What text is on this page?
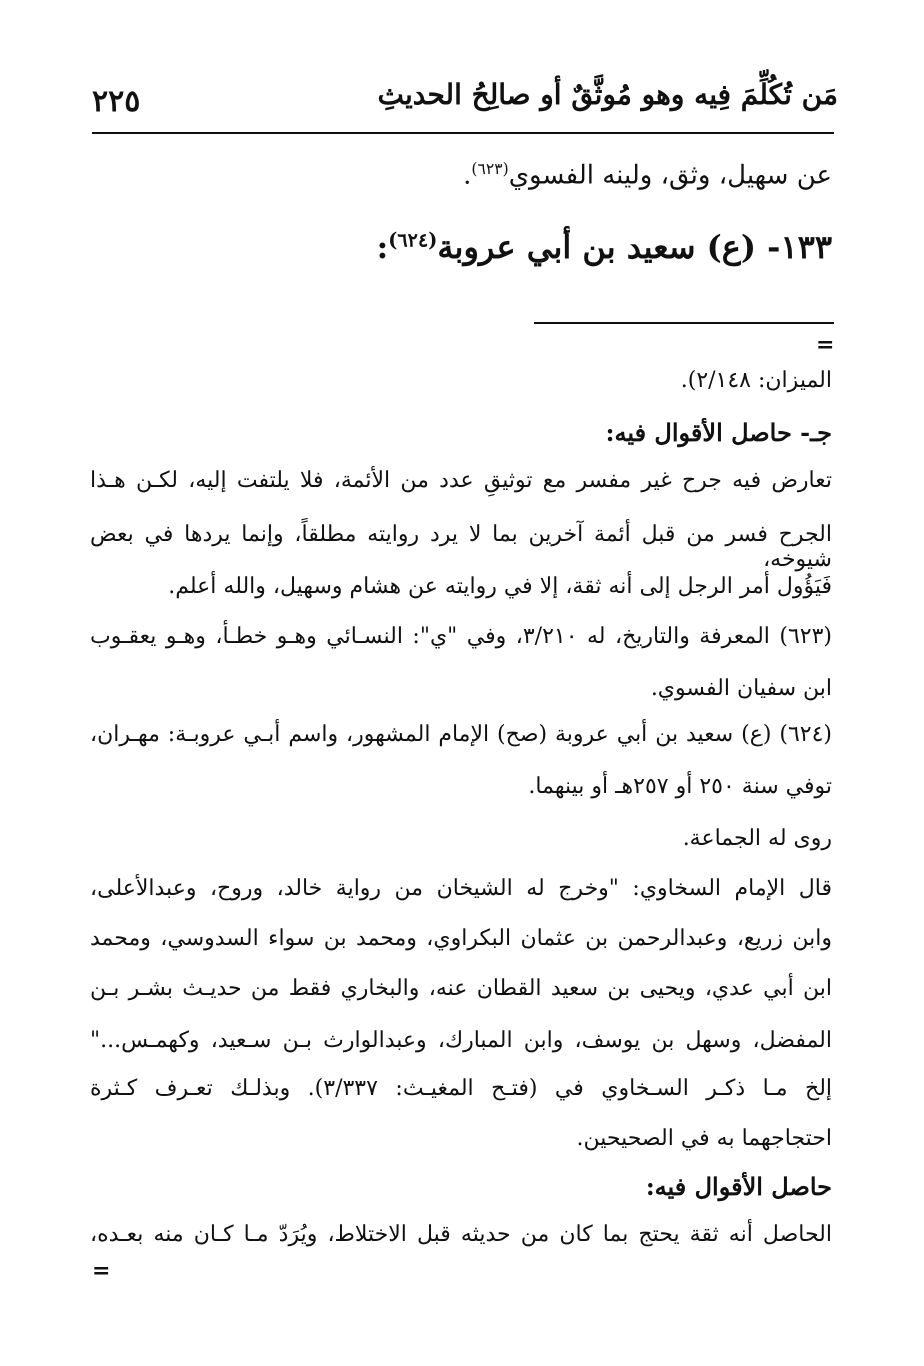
مَن تُكُلِّمَ فِيه وهو مُوثَّقٌ أو صالِحُ الحديثِ
٢٢٥
عن سهيل، وثق، ولينه الفسوي$^{(٦٢٣)}$.
١٣٣- (ع) سعيد بن أبي عروبة$^{(٦٢٤)}$:
=
الميزان: ٢/١٤٨).
جـ- حاصل الأقوال فيه:
تعارض فيه جرح غير مفسر مع توثيقِ عدد من الأئمة، فلا يلتفت إليه، لكـن هـذا
الجرح فسر من قبل أئمة آخرين بما لا يرد روايته مطلقاً، وإنما يردها في بعض شيوخه،
فَيَؤُول أمر الرجل إلى أنه ثقة، إلا في روايته عن هشام وسهيل، والله أعلم.
(٦٢٣) المعرفة والتاريخ، له ٣/٢١٠، وفي "ي": النسـائي وهـو خطـأ، وهـو يعقـوب
ابن سفيان الفسوي.
(٦٢٤) (ع) سعيد بن أبي عروبة (صح) الإمام المشهور، واسم أبـي عروبـة: مهـران،
توفي سنة ٢٥٠ أو ٢٥٧هـ أو بينهما.
روى له الجماعة.
قال الإمام السخاوي: "وخرج له الشيخان من رواية خالد، وروح، وعبدالأعلى،
وابن زريع، وعبدالرحمن بن عثمان البكراوي، ومحمد بن سواء السدوسي، ومحمد
ابن أبي عدي، ويحيى بن سعيد القطان عنه، والبخاري فقط من حديـث بشـر بـن
المفضل، وسهل بن يوسف، وابن المبارك، وعبدالوارث بـن سـعيد، وكهمـس..."
إلخ مـا ذكـر السـخاوي في (فتـح المغيـث: ٣/٣٣٧). وبذلـك تعـرف كـثرة
احتجاجهما به في الصحيحين.
حاصل الأقوال فيه:
الحاصل أنه ثقة يحتج بما كان من حديثه قبل الاختلاط، ويُرَدّ مـا كـان منه بعـده،
=
